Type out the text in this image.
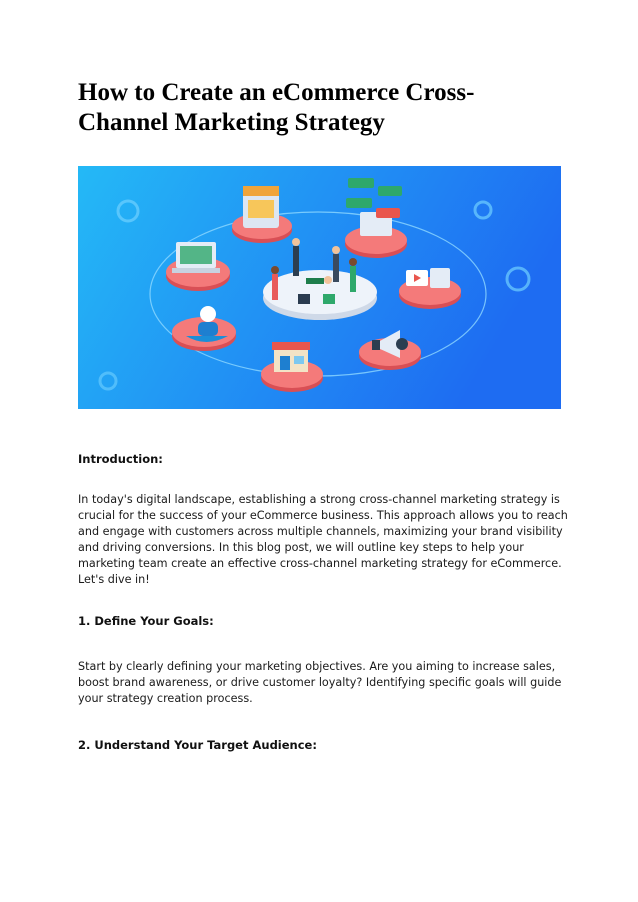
How to Create an eCommerce Cross-Channel Marketing Strategy
Introduction:
In today's digital landscape, establishing a strong cross-channel marketing strategy is crucial for the success of your eCommerce business. This approach allows you to reach and engage with customers across multiple channels, maximizing your brand visibility and driving conversions. In this blog post, we will outline key steps to help your marketing team create an effective cross-channel marketing strategy for eCommerce. Let's dive in!
1. Define Your Goals:
Start by clearly defining your marketing objectives. Are you aiming to increase sales, boost brand awareness, or drive customer loyalty? Identifying specific goals will guide your strategy creation process.
2. Understand Your Target Audience:
